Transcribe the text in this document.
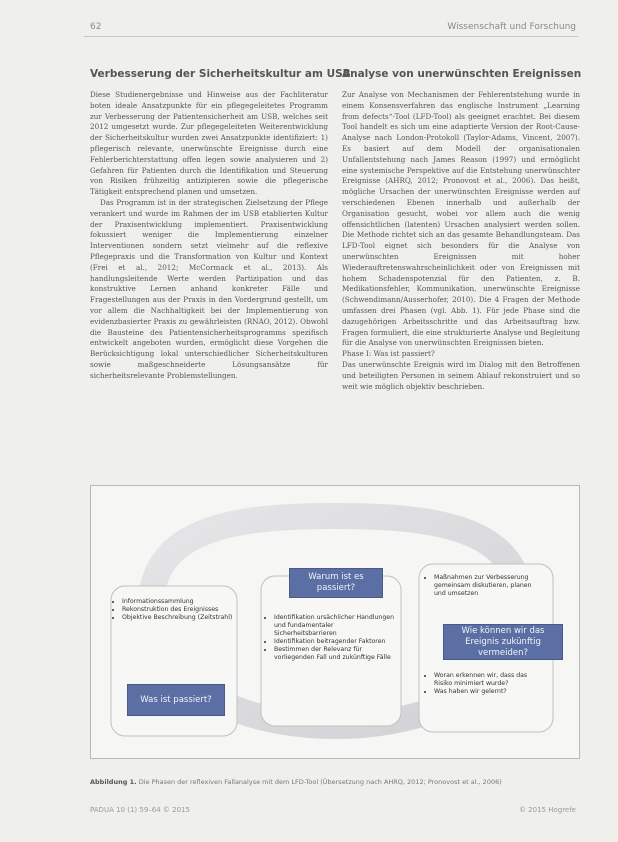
62	Wissenschaft und Forschung
Verbesserung der Sicherheitskultur am USB
Analyse von unerwünschten Ereignissen

Diese Studienergebnisse und Hinweise aus der Fachliteratur boten ideale Ansatzpunkte für ein pflegegeleitetes Programm zur Verbesserung der Patientensicherheit am USB, welches seit 2012 umgesetzt wurde. Zur pflegegeleiteten Weiterentwicklung der Sicherheitskultur wurden zwei Ansatzpunkte identifiziert: 1) pflegerisch relevante, unerwünschte Ereignisse durch eine Fehlerberichterstattung offen legen sowie analysieren und 2) Gefahren für Patienten durch die Identifikation und Steuerung von Risiken frühzeitig antizipieren sowie die pflegerische Tätigkeit entsprechend planen und umsetzen.

Das Programm ist in der strategischen Zielsetzung der Pflege verankert und wurde im Rahmen der im USB etablierten Kultur der Praxisentwicklung implementiert. Praxisentwicklung fokussiert weniger die Implementierung einzelner Interventionen sondern setzt vielmehr auf die reflexive Pflegepraxis und die Transformation von Kultur und Kontext (Frei et al., 2012; McCormack et al., 2013). Als handlungsleitende Werte werden Partizipation und das konstruktive Lernen anhand konkreter Fälle und Fragestellungen aus der Praxis in den Vordergrund gestellt, um vor allem die Nachhaltigkeit bei der Implementierung von evidenzbasierter Praxis zu gewährleisten (RNAO, 2012). Obwohl die Bausteine des Patientensicherheitsprogramms spezifisch entwickelt angeboten wurden, ermöglicht diese Vorgehen die Berücksichtigung lokal unterschiedlicher Sicherheitskulturen sowie maßgeschneiderte Lösungsansätze für sicherheitsrelevante Problemstellungen.

Zur Analyse von Mechanismen der Fehlerentstehung wurde in einem Konsensverfahren das englische Instrument „Learning from defects“-Tool (LFD-Tool) als geeignet erachtet. Bei diesem Tool handelt es sich um eine adaptierte Version der Root-Cause-Analyse nach London-Protokoll (Taylor-Adams, Vincent, 2007). Es basiert auf dem Modell der organisationalen Unfallentstehung nach James Reason (1997) und ermöglicht eine systemische Perspektive auf die Entstehung unerwünschter Ereignisse (AHRQ, 2012; Pronovost et al., 2006). Das heißt, mögliche Ursachen der unerwünschten Ereignisse werden auf verschiedenen Ebenen innerhalb und außerhalb der Organisation gesucht, wobei vor allem auch die wenig offensichtlichen (latenten) Ursachen analysiert werden sollen. Die Methode richtet sich an das gesamte Behandlungsteam. Das LFD-Tool eignet sich besonders für die Analyse von unerwünschten Ereignissen mit hoher Wiederauftretenswahrscheinlichkeit oder von Ereignissen mit hohem Schadenspotenzial für den Patienten, z. B. Medikationsfehler, Kommunikation, unerwünschte Ereignisse (Schwendimann/Ausserhofer, 2010). Die 4 Fragen der Methode umfassen drei Phasen (vgl. Abb. 1). Für jede Phase sind die dazugehörigen Arbeitsschritte und das Arbeitsauftrag bzw. Fragen formuliert, die eine strukturierte Analyse und Begleitung für die Analyse von unerwünschten Ereignissen bieten.

Phase I: Was ist passiert?

Das unerwünschte Ereignis wird im Dialog mit den Betroffenen und beteiligten Personen in seinem Ablauf rekonstruiert und so weit wie möglich objektiv beschrieben.

• Informationssammlung
• Rekonstruktion des Ereignisses
• Objektive Beschreibung (Zeitstrahl)
Was ist passiert?
Warum ist es passiert?
• Identifikation ursächlicher Handlungen und fundamentaler Sicherheitsbarrieren
• Identifikation beitragender Faktoren
• Bestimmen der Relevanz für vorliegenden Fall und zukünftige Fälle
• Maßnahmen zur Verbesserung gemeinsam diskutieren, planen und umsetzen
Wie können wir das Ereignis zukünftig vermeiden?
• Woran erkennen wir, dass das Risiko minimiert wurde?
• Was haben wir gelernt?
Abbildung 1. Die Phasen der reflexiven Fallanalyse mit dem LFD-Tool (Übersetzung nach AHRQ, 2012; Pronovost et al., 2006)
PADUA 10 (1) 59–64 © 2015	© 2015 Hogrefe
